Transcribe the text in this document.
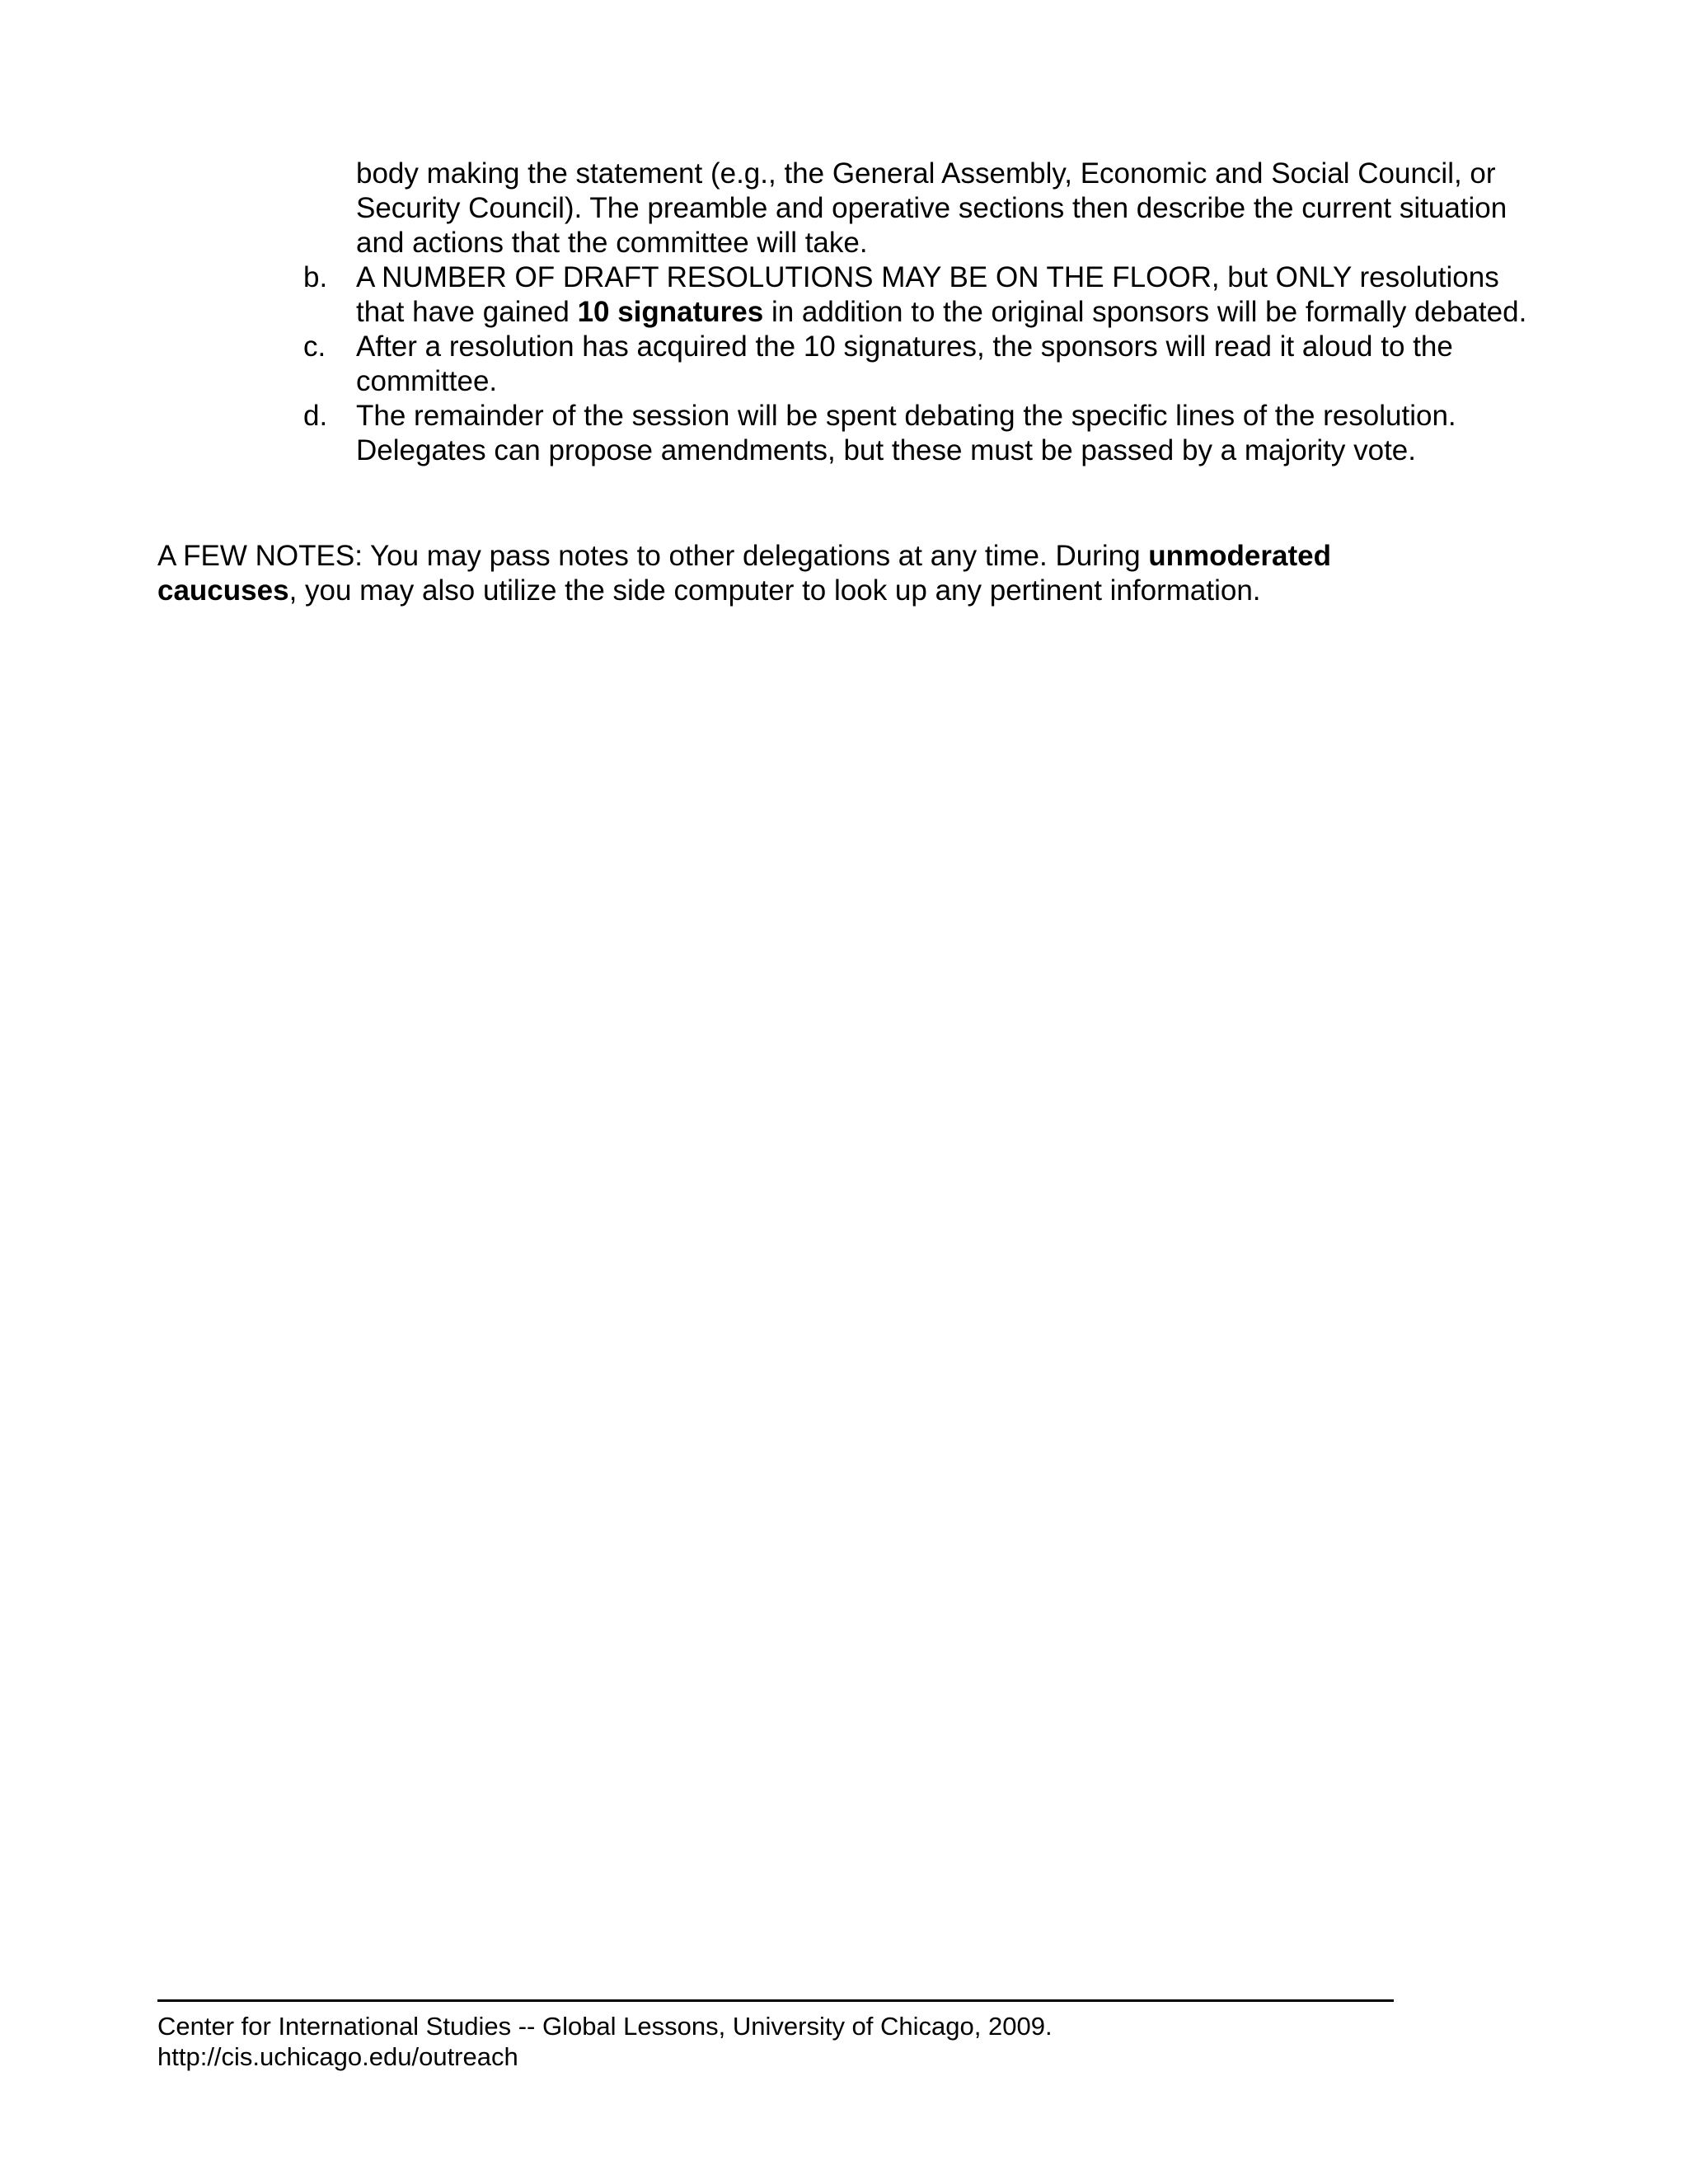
body making the statement (e.g., the General Assembly, Economic and Social Council, or Security Council). The preamble and operative sections then describe the current situation and actions that the committee will take.

b. A NUMBER OF DRAFT RESOLUTIONS MAY BE ON THE FLOOR, but ONLY resolutions that have gained 10 signatures in addition to the original sponsors will be formally debated.
c.	After a resolution has acquired the 10 signatures, the sponsors will read it aloud to the committee.
d. The remainder of the session will be spent debating the specific lines of the resolution. Delegates can propose amendments, but these must be passed by a majority vote.

A FEW NOTES: You may pass notes to other delegations at any time. During unmoderated caucuses, you may also utilize the side computer to look up any pertinent information.

Center for International Studies -- Global Lessons, University of Chicago, 2009.
http://cis.uchicago.edu/outreach
